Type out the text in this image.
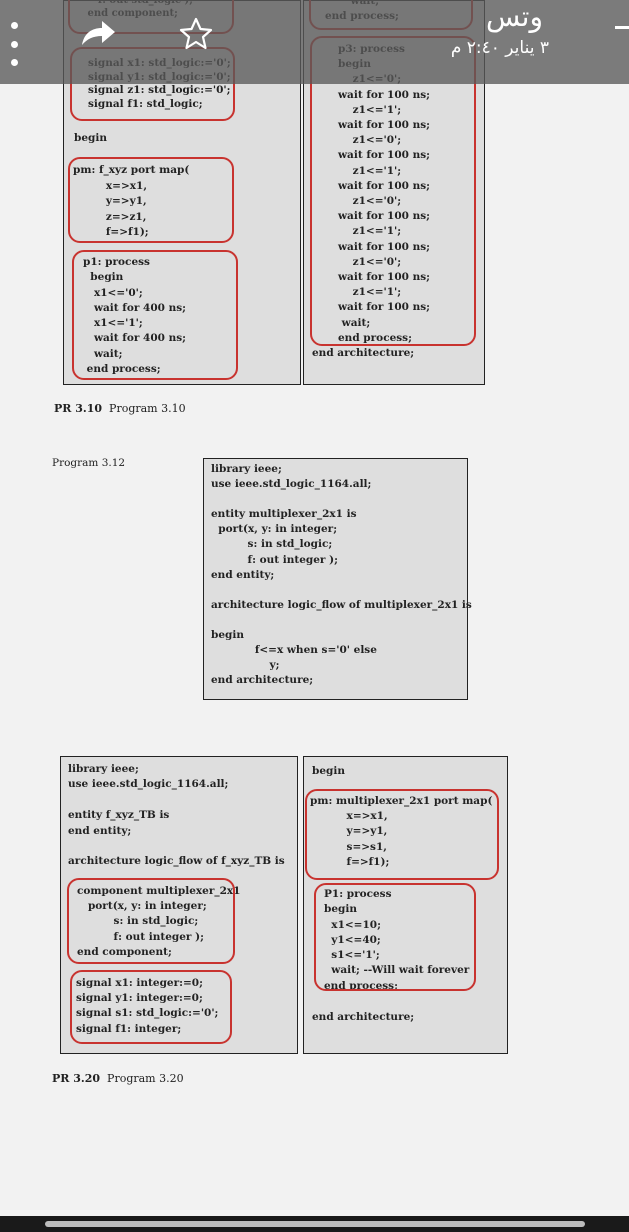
signal z1: std_logic:='0';
signal f1: std_logic;
begin
pm: f_xyz port map(
x=>x1,
y=>y1,
z=>z1,
f=>f1);
p1: process
begin
x1<='0';
wait for 400 ns;
x1<='1';
wait for 400 ns;
wait;
end process;

wait for 100 ns;
z1<='1';
wait for 100 ns;
z1<='0';
wait for 100 ns;
z1<='1';
wait for 100 ns;
z1<='0';
wait for 100 ns;
z1<='1';
wait for 100 ns;
z1<='0';
wait for 100 ns;
z1<='1';
wait for 100 ns;
wait;
end process;
end architecture;
PR 3.10 Program 3.10
Program 3.12	library ieee;
use ieee.std_logic_1164.all;

entity multiplexer_2x1 is
port(x, y: in integer;
s: in std_logic;
f: out integer );
end entity;

architecture logic_flow of multiplexer_2x1 is

begin
f<=x when s='0' else
y;
end architecture;
library ieee;
use ieee.std_logic_1164.all;

entity f_xyz_TB is
end entity;

architecture logic_flow of f_xyz_TB is
component multiplexer_2x1
port(x, y: in integer;
s: in std_logic;
f: out integer );
end component;
signal x1: integer:=0;
signal y1: integer:=0;
signal s1: std_logic:='0';
signal f1: integer;
begin
pm: multiplexer_2x1 port map(
x=>x1,
y=>y1,
s=>s1,
f=>f1);
P1: process
begin
x1<=10;
y1<=40;
s1<='1';
wait; --Will wait forever
end process;
end architecture;
PR 3.20 Program 3.20
وتس
٣ يناير ٢:٤٠ م
